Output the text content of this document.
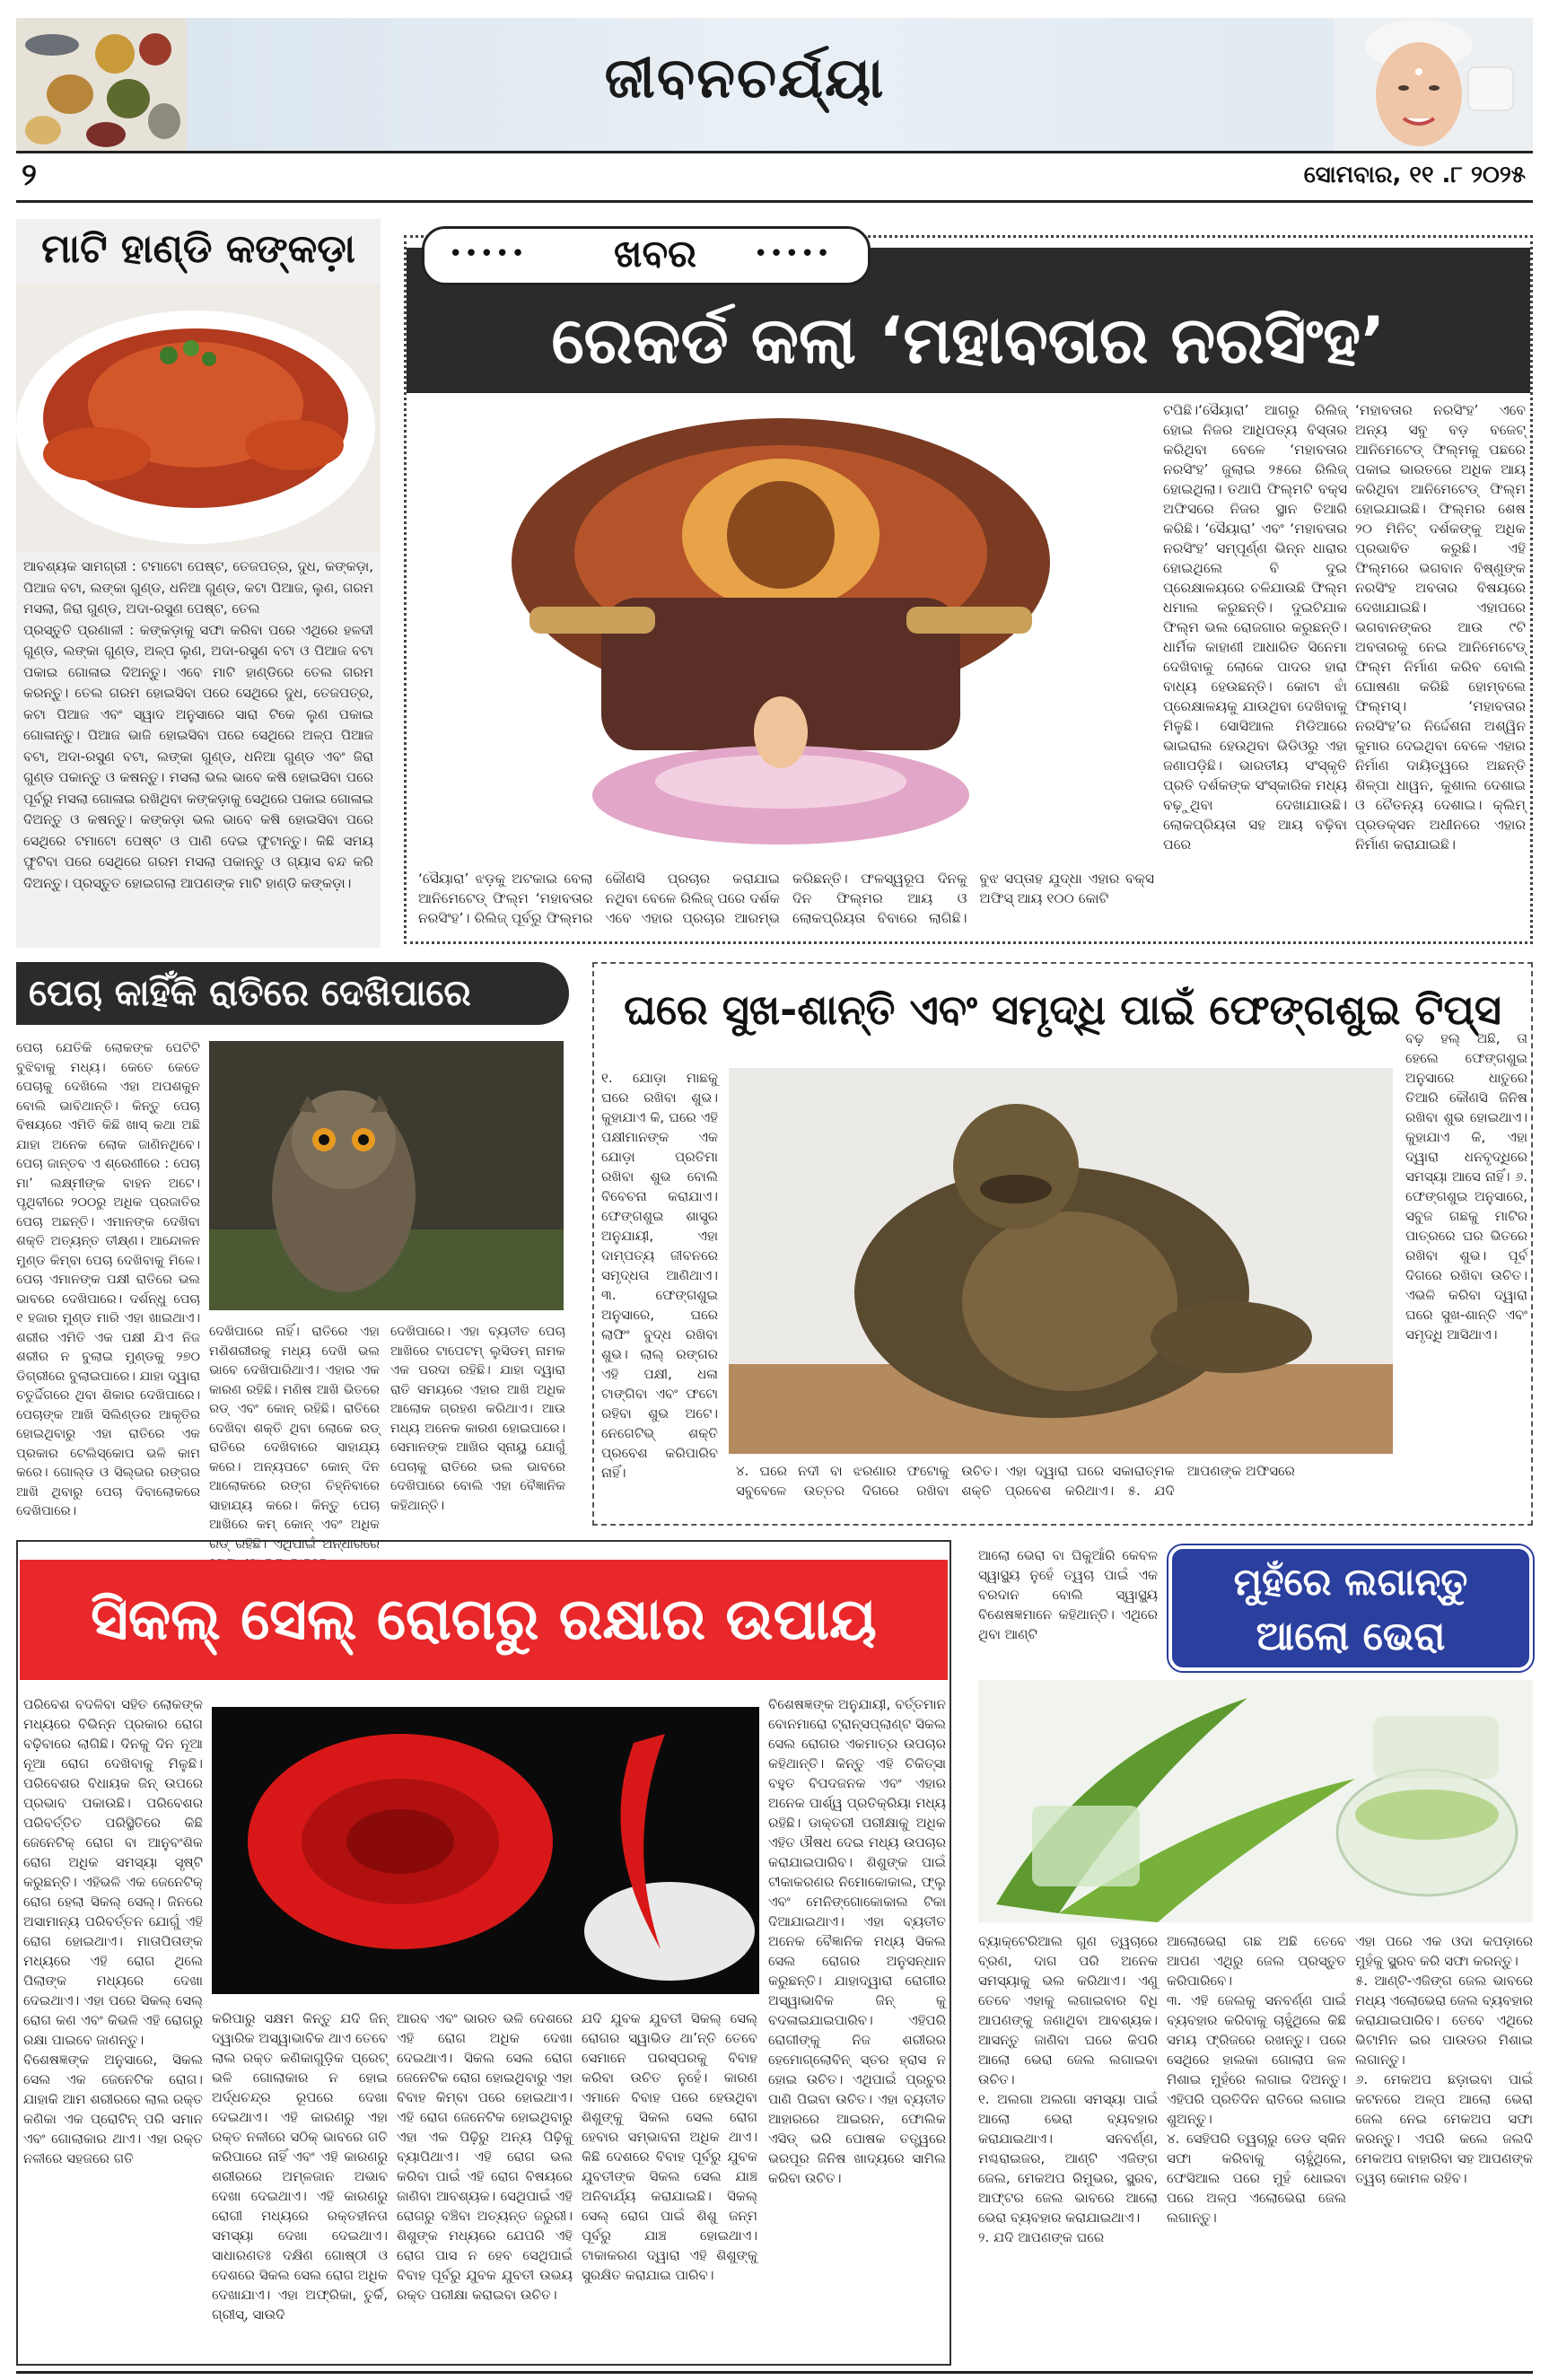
ଜୀବନଚର୍ଯ୍ୟା
୨	ସୋମବାର, ୧୧ .୮ ୨୦୨୫
ମାଟି ହାଣ୍ଡି କଙ୍କଡ଼ା
ଆବଶ୍ୟକ ସାମଗ୍ରୀ : ଟମାଟୋ ପେଷ୍ଟ, ତେଜପତ୍ର, ଦୁଧ, କଙ୍କଡ଼ା, ପିଆଜ ବଟା, ଲଙ୍କା ଗୁଣ୍ଡ, ଧନିଆ ଗୁଣ୍ଡ, କଟା ପିଆଜ, ଲୁଣ, ଗରମ ମସଲା, ଜିରା ଗୁଣ୍ଡ, ଅଦା-ରସୁଣ ପେଷ୍ଟ, ତେଲ
ପ୍ରସ୍ତୁତି ପ୍ରଣାଳୀ : କଙ୍କଡ଼ାକୁ ସଫା କରିବା ପରେ ଏଥିରେ ହଳଦୀ ଗୁଣ୍ଡ, ଲଙ୍କା ଗୁଣ୍ଡ, ଅଳ୍ପ ଲୁଣ, ଅଦା-ରସୁଣ ବଟା ଓ ପିଆଜ ବଟା ପକାଇ ଗୋଳାଇ ଦିଅନ୍ତୁ। ଏବେ ମାଟି ହାଣ୍ଡିରେ ତେଲ ଗରମ କରନ୍ତୁ। ତେଲ ଗରମ ହୋଇସିବା ପରେ ସେଥିରେ ଦୁଧ, ତେଜପତ୍ର, କଟା ପିଆଜ ଏବଂ ସ୍ୱାଦ ଅନୁସାରେ ସାରା ଟିକେ ଲୁଣ ପକାଇ ଗୋଳାନ୍ତୁ। ପିଆଜ ଭାଜି ହୋଇସିବା ପରେ ସେଥିରେ ଅଳ୍ପ ପିଆଜ ବଟା, ଅଦା-ରସୁଣ ବଟା, ଲଙ୍କା ଗୁଣ୍ଡ, ଧନିଆ ଗୁଣ୍ଡ ଏବଂ ଜିରା ଗୁଣ୍ଡ ପକାନ୍ତୁ ଓ କଷନ୍ତୁ। ମସଲା ଭଲ ଭାବେ କଷି ହୋଇସିବା ପରେ ପୂର୍ବରୁ ମସଲା ଗୋଳାଇ ରଖିଥିବା କଙ୍କଡ଼ାକୁ ସେଥିରେ ପକାଇ ଗୋଳାଇ ଦିଅନ୍ତୁ ଓ କଷନ୍ତୁ। କଙ୍କଡ଼ା ଭଲ ଭାବେ କଷି ହୋଇସିବା ପରେ ସେଥିରେ ଟମାଟୋ ପେଷ୍ଟ ଓ ପାଣି ଦେଇ ଫୁଟାନ୍ତୁ। କିଛି ସମୟ ଫୁଟିବା ପରେ ସେଥିରେ ଗରମ ମସଲା ପକାନ୍ତୁ ଓ ଗ୍ୟାସ ବନ୍ଦ କରି ଦିଅନ୍ତୁ। ପ୍ରସ୍ତୁତ ହୋଇଗଲା ଆପଣଙ୍କ ମାଟି ହାଣ୍ଡି କଙ୍କଡ଼ା।
•••••	ଖବର	•••••
ରେକର୍ଡ କଲା ‘ମହାବତାର ନରସିଂହ’
ଟପିଛି।‘ସୈୟାରା’ ଆଗରୁ ରିଲିଜ୍ ହୋଇ ନିଜର ଆଧିପତ୍ୟ ବିସ୍ତାର କରିଥିବା ବେଳେ ‘ମହାବତାର ନରସିଂହ’ ଜୁଲାଇ ୨୫ରେ ରିଲିଜ୍ ହୋଇଥିଲା। ତଥାପି ଫିଲ୍ମଟି ବକ୍ସ ଅଫିସରେ ନିଜର ସ୍ଥାନ ତିଆରି କରିଛି। ‘ସୈୟାରା’ ଏବଂ ‘ମହାବତାର ନରସିଂହ’ ସମ୍ପୂର୍ଣ୍ଣ ଭିନ୍ନ ଧାରାର ହୋଇଥିଲେ ବି ଦୁଇ ପ୍ରେକ୍ଷାଳୟରେ ଚଳିଯାଉଛି ଫିଲ୍ମ ଧମାଲ କରୁଛନ୍ତି। ଦୁଇଟିଯାକ ଫିଲ୍ମ ଭଲ ରୋଜଗାର କରୁଛନ୍ତି। ଧାର୍ମିକ କାହାଣୀ ଆଧାରିତ ସିନେମା ଦେଖିବାକୁ ଲୋକେ ପାଦର ହାରା ବାଧ୍ୟ ହେଉଛନ୍ତି। କୋଟା ଝାଁ ପ୍ରେକ୍ଷାଳୟକୁ ଯାଉଥିବା ଦେଖିବାକୁ ମିଳୁଛି। ସୋସିଆଲ ମିଡିଆରେ ଭାଇରାଲ ହେଉଥିବା ଭିଡିଓରୁ ଏହା ଜଣାପଡ଼ିଛି। ଭାରତୀୟ ସଂସ୍କୃତି ପ୍ରତି ଦର୍ଶକଙ୍କ ସଂସ୍କାରିକ ମଧ୍ୟ ବଢ଼ୁଥିବା ଦେଖାଯାଉଛି। ଲୋକପ୍ରିୟତା ସହ ଆୟ ବଢ଼ିବା ପରେ
‘ମହାବତାର ନରସିଂହ’ ଏବେ ଅନ୍ୟ ସବୁ ବଡ଼ ବଜେଟ୍ ଆନିମେଟେଡ୍ ଫିଲ୍ମକୁ ପଛରେ ପକାଇ ଭାରତରେ ଅଧିକ ଆୟ କରିଥିବା ଆନିମେଟେଡ୍ ଫିଲ୍ମ ହୋଇଯାଇଛି। ଫିଲ୍ମର ଶେଷ ୨୦ ମିନିଟ୍ ଦର୍ଶକଙ୍କୁ ଅଧିକ ପ୍ରଭାବିତ କରୁଛି। ଏହି ଫିଲ୍ମରେ ଭଗବାନ ବିଷ୍ଣୁଙ୍କ ନରସିଂହ ଅବତାର ବିଷୟରେ ଦେଖାଯାଇଛି। ଏହାପରେ ଭଗବାନଙ୍କର ଆଉ ୯ଟି ଅବତାରକୁ ନେଇ ଆନିମେଟେଡ୍ ଫିଲ୍ମ ନିର୍ମାଣ କରିବ ବୋଲି ଘୋଷଣା କରିଛି ହୋମ୍ବଲେ ଫିଲ୍ମସ୍। ‘ମହାବତାର ନରସିଂହ’ର ନିର୍ଦ୍ଦେଶନା ଅଶ୍ୱିନ କୁମାର ଦେଇଥିବା ବେଳେ ଏହାର ନିର୍ମାଣ ଦାୟିତ୍ୱରେ ଅଛନ୍ତି ଶିଳ୍ପା ଧାୱନ, କୁଶାଲ ଦେଶାଇ ଓ ଚୈତନ୍ୟ ଦେଶାଇ। କ୍ଲିମ୍ ପ୍ରଡକ୍ସନ ଅଧୀନରେ ଏହାର ନିର୍ମାଣ କରାଯାଇଛି।
‘ସୈୟାରା’ ଝଡ଼କୁ ଅଟକାଇ ବେଲା ଆନିମେଟେଡ୍ ଫିଲ୍ମ ‘ମହାବତାର ନରସିଂହ’। ରିଲିଜ୍ ପୂର୍ବରୁ ଫିଲ୍ମର କୌଣସି ପ୍ରଚାର କରାଯାଇ ନଥିବା ବେଳେ ରିଲିଜ୍ ପରେ ଦର୍ଶକ ଏବେ ଏହାର ପ୍ରଚାର ଆରମ୍ଭ କରିଛନ୍ତି। ଫଳସ୍ୱରୂପ ଦିନକୁ ଦିନ ଫିଲ୍ମର ଆୟ ଓ ଲୋକପ୍ରିୟତା ବିବାରେ ଲାଗିଛି। ବୁଝ ସପ୍ତାହ ଯୁଦ୍ଧା ଏହାର ବକ୍ସ ଅଫିସ୍ ଆୟ ୧୦୦ କୋଟି
ପେଚା କାହିଁକି ରାତିରେ ଦେଖିପାରେ
ପେଚା ଯେତିକି ଲୋକଙ୍କ ପେଟିଟି ବୁଝିବାକୁ ମଧ୍ୟ। କେତେ କେତେ ପେଚାକୁ ଦେଖିଲେ ଏହା ଅପଶକୁନ ବୋଲି ଭାବିଥାନ୍ତି। କିନ୍ତୁ ପେଚା ବିଷୟରେ ଏମିତି କିଛି ଖାସ୍ କଥା ଅଛି ଯାହା ଅନେକ ଲୋକ ଜାଣିନଥିବେ। ପେଚା ଜାନ୍ତବ ଏ ଶ୍ରେଣୀରେ : ପେଚା ମା’ ଲକ୍ଷ୍ମୀଙ୍କ ବାହନ ଅଟେ। ପୃଥିବୀରେ ୨୦୦ରୁ ଅଧିକ ପ୍ରଜାତିର ପେଚା ଅଛନ୍ତି। ଏମାନଙ୍କ ଦେଖିବା ଶକ୍ତି ଅତ୍ୟନ୍ତ ତୀକ୍ଷ୍ଣ। ଆନ୍ଦୋଳନ ମୁଣ୍ଡ କିମ୍ବା ପେଚା ଦେଖିବାକୁ ମିଳେ। ପେଚା ଏମାନଙ୍କ ପକ୍ଷୀ ରାତିରେ ଭଲ ଭାବରେ ଦେଖିପାରେ। ଦର୍ଶନ୍ଧୁ ପେଚା ୧ ହଜାର ମୁଣ୍ଡ ମାରି ଏହା ଖାଇଥାଏ। ଶରୀର ଏମିତି ଏକ ପକ୍ଷୀ ଯିଏ ନିଜ ଶରୀର ନ ବୁଲାଇ ମୁଣ୍ଡକୁ ୨୭୦ ଡିଗ୍ରୀରେ ବୁଲାଇପାରେ। ଯାହା ଦ୍ୱାରା ଚତୁର୍ଦ୍ଦିଗରେ ଥିବା ଶିକାର ଦେଖିପାରେ। ପେଚାଙ୍କ ଆଖି ସିଲିଣ୍ଡର ଆକୃତିର ହୋଇଥିବାରୁ ଏହା ରାତିରେ ଏକ ପ୍ରକାର ଟେଲିସ୍କୋପ ଭଳି କାମ କରେ। ଗୋଲ୍ଡ ଓ ସିଲ୍ଭର ରଙ୍ଗର ଆଖି ଥିବାରୁ ପେଚା ଦିବାଲୋକରେ ଦେଖିପାରେ।
ଦେଖିପାରେ ନାହିଁ। ରାତିରେ ଏହା ମଶିଶରୀରକୁ ମଧ୍ୟ ଦେଖି ଭଲ ଭାବେ ଦେଖିପାରିଥାଏ। ଏହାର ଏକ କାରଣ ରହିଛି। ମଣିଷ ଆଖି ଭିତରେ ରଡ୍ ଏବଂ କୋନ୍ ରହିଛି। ରାତିରେ ଦେଖିବା ଶକ୍ତି ଥିବା ଲୋକେ ରଡ୍ ରାତିରେ ଦେଖିବାରେ ସାହାଯ୍ୟ କରେ। ଅନ୍ୟପଟେ କୋନ୍ ଦିନ ଆଲୋକରେ ରଙ୍ଗ ଚିହ୍ନିବାରେ ସାହାଯ୍ୟ କରେ। କିନ୍ତୁ ପେଚା ଆଖିରେ କମ୍ କୋନ୍ ଏବଂ ଅଧିକ ରଡ୍ ରହିଛି। ଏଥିପାଇଁ ଅନ୍ଧାରରେ
ଦେଖିପାରେ। ଏହା ବ୍ୟତୀତ ପେଚା ଆଖିରେ ଟାପେଟମ୍ ଲୁସିଡମ୍ ନାମକ ଏକ ପରଦା ରହିଛି। ଯାହା ଦ୍ୱାରା ରାତି ସମୟରେ ଏହାର ଆଖି ଅଧିକ ଆଲୋକ ଗ୍ରହଣ କରିଥାଏ। ଆଉ ମଧ୍ୟ ଅନେକ କାରଣ ହୋଇପାରେ। ସେମାନଙ୍କ ଆଖିର ସ୍ନାୟୁ ଯୋଗୁଁ ପେଚାକୁ ରାତିରେ ଭଲ ଭାବରେ ଦେଖିପାରେ ବୋଲି ଏହା ବୈଜ୍ଞାନିକ କହିଥାନ୍ତି।
ଘରେ ସୁଖ-ଶାନ୍ତି ଏବଂ ସମୃଦ୍ଧି ପାଇଁ ଫେଙ୍ଗଶୁଇ ଟିପ୍ସ
୧. ଯୋଡ଼ା ମାଛକୁ ଘରେ ରଖିବା ଶୁଭ। କୁହାଯାଏ କି, ଘରେ ଏହି ପକ୍ଷୀମାନଙ୍କ ଏକ ଯୋଡ଼ା ପ୍ରତିମା ରଖିବା ଶୁଭ ବୋଲି ବିବେଚନା କରାଯାଏ। ଫେଙ୍ଗଶୁଇ ଶାସ୍ତ୍ର ଅନୁଯାୟୀ, ଏହା ଦାମ୍ପତ୍ୟ ଜୀବନରେ ସମୃଦ୍ଧତା ଆଣିଥାଏ। ୩. ଫେଙ୍ଗଶୁଇ ଅନୁସାରେ, ଘରେ ଲାଫିଂ ବୁଦ୍ଧ ରଖିବା ଶୁଭ। ଲାଲ୍ ରଙ୍ଗର ଏହି ପକ୍ଷୀ, ଧଳା ଟାଙ୍ଗିବା ଏବଂ ଫଟୋ ରହିବା ଶୁଭ ଅଟେ। ନେଗେଟିଭ୍ ଶକ୍ତି ପ୍ରବେଶ କରିପାରିବ ନାହିଁ।	୪. ଘରେ ନଦୀ ବା ଝରଣାର ଫଟୋକୁ ସବୁବେଳେ ଉତ୍ତର ଦିଗରେ ରଖିବା ଉଚିତ। ଏହା ଦ୍ୱାରା ଘରେ ସକାରାତ୍ମକ ଶକ୍ତି ପ୍ରବେଶ କରିଥାଏ। ୫. ଯଦି ଆପଣଙ୍କ ଅଫିସରେ
ବଢ଼ ହଲ୍ ଅଛି, ତା ହେଲେ ଫେଙ୍ଗଶୁଇ ଅନୁସାରେ ଧାତୁରେ ତିଆରି କୌଣସି ଜିନିଷ ରଖିବା ଶୁଭ ହୋଇଥାଏ। କୁହାଯାଏ କି, ଏହା ଦ୍ୱାରା ଧନବୃଦ୍ଧିରେ ସମସ୍ୟା ଆସେ ନାହିଁ। ୬. ଫେଙ୍ଗଶୁଇ ଅନୁସାରେ, ସବୁଜ ଗଛକୁ ମାଟିର ପାତ୍ରରେ ଘର ଭିତରେ ରଖିବା ଶୁଭ। ପୂର୍ବ ଦିଗରେ ରଖିବା ଉଚିତ। ଏଭଳି କରିବା ଦ୍ୱାରା ଘରେ ସୁଖ-ଶାନ୍ତି ଏବଂ ସମୃଦ୍ଧି ଆସିଥାଏ।
ସିକଲ୍ ସେଲ୍ ରୋଗରୁ ରକ୍ଷାର ଉପାୟ
ପରିବେଶ ବଦଳିବା ସହିତ ଲୋକଙ୍କ ମଧ୍ୟରେ ବିଭିନ୍ନ ପ୍ରକାର ରୋଗ ବଢ଼ିବାରେ ଲାଗିଛି। ଦିନକୁ ଦିନ ନୂଆ ନୂଆ ରୋଗ ଦେଖିବାକୁ ମିଳୁଛି। ପରିବେଶର ବିଧାୟକ ଜିନ୍ ଉପରେ ପ୍ରଭାବ ପକାଉଛି। ପରିବେଶର ପରିବର୍ତ୍ତିତ ପରିସ୍ଥିତିରେ କିଛି ଜେନେଟିକ୍ ରୋଗ ବା ଆନୁବଂଶିକ ରୋଗ ଅଧିକ ସମସ୍ୟା ସୃଷ୍ଟି କରୁଛନ୍ତି। ଏହିଭଳି ଏକ ଜେନେଟିକ୍ ରୋଗ ହେଲା ସିକଲ୍ ସେଲ୍। ଜିନରେ ଅସାମାନ୍ୟ ପରିବର୍ତ୍ତନ ଯୋଗୁଁ ଏହି ରୋଗ ହୋଇଥାଏ। ମାତାପିତାଙ୍କ ମଧ୍ୟରେ ଏହି ରୋଗ ଥିଲେ ପିଲାଙ୍କ ମଧ୍ୟରେ ଦେଖା ଦେଇଥାଏ। ଏହା ପରେ ସିକଲ୍ ସେଲ୍ ରୋଗ କଣ ଏବଂ କିଭଳି ଏହି ରୋଗରୁ ରକ୍ଷା ପାଇବେ ଜାଣନ୍ତୁ।
ବିଶେଷଜ୍ଞଙ୍କ ଅନୁସାରେ, ସିକଲ ସେଲ ଏକ ଜେନେଟିକ ରୋଗ। ଯାହାକି ଆମ ଶରୀରରେ ଲାଲ ରକ୍ତ କଣିକା ଏକ ପ୍ରୋଟିନ୍ ପରି ସମାନ ଏବଂ ଗୋଲାକାର ଥାଏ। ଏହା ରକ୍ତ ନଳୀରେ ସହଜରେ ଗତି
କରିପାରୁ ସକ୍ଷମ କିନ୍ତୁ ଯଦି ଜିନ୍ ଦ୍ୱାରିକ ଅସ୍ୱାଭାବିକ ଥାଏ ତେବେ ଲାଲ ରକ୍ତ କଣିକାଗୁଡ଼ିକ ପ୍ରେଟ୍ ଭଳି ଗୋଲାକାର ନ ହୋଇ ଅର୍ଦ୍ଧଚନ୍ଦ୍ର ରୂପରେ ଦେଖା ଦେଇଥାଏ। ଏହି କାରଣରୁ ଏହା ରକ୍ତ ନଳୀରେ ସଠିକ୍ ଭାବରେ ଗତି କରିପାରେ ନାହିଁ ଏବଂ ଏହି କାରଣରୁ ଶରୀରରେ ଅମ୍ଳଜାନ ଅଭାବ ଦେଖା ଦେଇଥାଏ। ଏହି କାରଣରୁ ରୋଗୀ ମଧ୍ୟରେ ରକ୍ତହୀନତା ସମସ୍ୟା ଦେଖା ଦେଇଥାଏ। ସାଧାରଣତଃ ଦକ୍ଷିଣ ଗୋଷ୍ଠୀ ଓ ଦେଶରେ ସିକଲ ସେଲ ରୋଗ ଅଧିକ ଦେଖାଯାଏ। ଏହା ଅଫ୍ରିକା, ତୁର୍କି, ଗ୍ରୀସ୍, ସାଉଦି
ଆରବ ଏବଂ ଭାରତ ଭଳି ଦେଶରେ ଏହି ରୋଗ ଅଧିକ ଦେଖା ଦେଇଥାଏ। ସିକଲ ସେଲ ରୋଗ ଜେନେଟିକ ରୋଗ ହୋଇଥିବାରୁ ଏହା ବିବାହ କିମ୍ବା ପରେ ହୋଇଥାଏ। ଏହି ରୋଗ ଜେନେଟିକ ହୋଇଥିବାରୁ ଏହା ଏକ ପିଢ଼ିରୁ ଅନ୍ୟ ପିଢ଼ିକୁ ବ୍ୟାପିଥାଏ। ଏହି ରୋଗ ଭଲ କରିବା ପାଇଁ ଏହି ରୋଗ ବିଷୟରେ ଜାଣିବା ଆବଶ୍ୟକ। ସେଥିପାଇଁ ଏହି ରୋଗରୁ ବଞ୍ଚିବା ଅତ୍ୟନ୍ତ ଜରୁରୀ। ଶିଶୁଙ୍କ ମଧ୍ୟରେ ଯେପରି ଏହି ରୋଗ ପାସ ନ ହେବ ସେଥିପାଇଁ ବିବାହ ପୂର୍ବରୁ ଯୁବକ ଯୁବତୀ ଉଭୟ ରକ୍ତ ପରୀକ୍ଷା କରାଇବା ଉଚିତ।
ଯଦି ଯୁବକ ଯୁବତୀ ସିକଲ୍ ସେଲ୍ ରୋଗର ସ୍ୱାଭିଡ ଥା’ନ୍ତି ତେବେ ସେମାନେ ପରସ୍ପରକୁ ବିବାହ କରିବା ଉଚିତ ନୁହେଁ। କାରଣ ଏମାନେ ବିବାହ ପରେ ହେଉଥିବା ଶିଶୁଙ୍କୁ ସିକଲ ସେଲ ରୋଗ ହେବାର ସମ୍ଭାବନା ଅଧିକ ଥାଏ। କିଛି ଦେଶରେ ବିବାହ ପୂର୍ବରୁ ଯୁବକ ଯୁବତୀଙ୍କ ସିକଲ ସେଲ ଯାଞ୍ଚ ଅନିବାର୍ଯ୍ୟ କରାଯାଇଛି। ସିକଲ୍ ସେଲ୍ ରୋଗ ପାଇଁ ଶିଶୁ ଜନ୍ମ ପୂର୍ବରୁ ଯାଞ୍ଚ ହୋଇଥାଏ। ଟାକାକରଣ ଦ୍ୱାରା ଏହି ଶିଶୁଙ୍କୁ ସୁରକ୍ଷିତ କରାଯାଇ ପାରିବ।
ବିଶେଷଜ୍ଞଙ୍କ ଅନୁଯାୟୀ, ବର୍ତ୍ତମାନ ବୋନମାରୋ ଟ୍ରାନ୍ସପ୍ଲାଣ୍ଟ ସିକଲ ସେଲ ରୋଗର ଏକମାତ୍ର ଉପଚାର କହିଥାନ୍ତି। କିନ୍ତୁ ଏହି ଚିକିତ୍ସା ବହୁତ ବିପଦଜନକ ଏବଂ ଏହାର ଅନେକ ପାର୍ଶ୍ୱ ପ୍ରତିକ୍ରିୟା ମଧ୍ୟ ରହିଛି। ଡାକ୍ତରୀ ପରୀକ୍ଷାକୁ ଅଧିକ ଏହିତ ଔଷଧ ଦେଇ ମଧ୍ୟ ଉପଚାର କରାଯାଇପାରିବ। ଶିଶୁଙ୍କ ପାଇଁ ଟୀକାକରଣର ନିମୋକୋକାଲ, ଫ୍ଲୁ ଏବଂ ମେନିଙ୍ଗୋକୋକାଲ ଟିକା ଦିଆଯାଇଥାଏ। ଏହା ବ୍ୟତୀତ ଅନେକ ବୈଜ୍ଞାନିକ ମଧ୍ୟ ସିକଲ ସେଲ ରୋଗର ଅନୁସନ୍ଧାନ କରୁଛନ୍ତି। ଯାହାଦ୍ୱାରା ରୋଗୀର ଅସ୍ୱାଭାବିକ ଜିନ୍ କୁ ବଦଳାଇଯାଇପାରିବ। ଏହିପରି ରୋଗୀଙ୍କୁ ନିଜ ଶରୀରର ହେମୋଗ୍ଲୋବିନ୍ ସ୍ତର ହ୍ରାସ ନ ହୋଇ ଉଚିତ। ଏଥିପାଇଁ ପ୍ରଚୁର ପାଣି ପିଇବା ଉଚିତ। ଏହା ବ୍ୟତୀତ ଆହାରରେ ଆଇରନ, ଫୋଲିକ ଏସିଡ୍ ଭରି ପୋଷକ ତତ୍ତ୍ୱରେ ଭରପୂର ଜିନିଷ ଖାଦ୍ୟରେ ସାମିଲ କରିବା ଉଚିତ।
ଆଲୋ ଭେରା ବା ଘିକୁଆଁରି କେବଳ ସ୍ୱାସ୍ଥ୍ୟ ନୁହେଁ ତ୍ୱଚା ପାଇଁ ଏକ ବରଦାନ ବୋଲି ସ୍ୱାସ୍ଥ୍ୟ ବିଶେଷଜ୍ଞମାନେ କହିଥାନ୍ତି। ଏଥିରେ ଥିବା ଆଣ୍ଟି
ମୁହଁରେ ଲଗାନ୍ତୁ
ଆଲୋ ଭେରା
ବ୍ୟାକ୍ଟେରିଆଲ ଗୁଣ ତ୍ୱଚାରେ ବ୍ରଣ, ଦାଗ ପରି ଅନେକ ସମସ୍ୟାକୁ ଭଲ କରିଥାଏ। ଏଣୁ ତେବେ ଏହାକୁ ଲଗାଇବାର ବିଧି ଆପଣଙ୍କୁ ଜଣାଥିବା ଆବଶ୍ୟକ। ଆସନ୍ତୁ ଜାଣିବା ଘରେ କିପରି ଆଲୋ ଭେରା ଜେଲ ଲଗାଇବା ଉଚିତ।
୧. ଅଲଗା ଅଲଗା ସମସ୍ୟା ପାଇଁ ଆଲୋ ଭେରା ବ୍ୟବହାର କରାଯାଇଥାଏ। ସନବର୍ଣ୍ଣ, ମଶ୍ଚରାଇଜର, ଆଣ୍ଟି ଏଜିଙ୍ଗ ଜେଲ, ମେକଅପ ରିମୁଭର, ସ୍କ୍ରବ, ଆଫ୍ଟର ଜେଲ ଭାବରେ ଆଲୋ ଭେରା ବ୍ୟବହାର କରାଯାଇଥାଏ।
୨. ଯଦି ଆପଣଙ୍କ ଘରେ
ଆଲୋଭେରା ଗଛ ଅଛି ତେବେ ଆପଣ ଏଥିରୁ ଜେଲ ପ୍ରସ୍ତୁତ କରିପାରିବେ।
୩. ଏହି ଜେଲକୁ ସନବର୍ଣ୍ଣ ପାଇଁ ବ୍ୟବହାର କରିବାକୁ ଚାହୁଁଥିଲେ କିଛି ସମୟ ଫ୍ରିଜରେ ରଖନ୍ତୁ। ପରେ ସେଥିରେ ହାଲକା ଗୋଲାପ ଜଳ ମିଶାଇ ମୁହଁରେ ଲଗାଇ ଦିଅନ୍ତୁ। ଏହିପରି ପ୍ରତିଦିନ ରାତିରେ ଲଗାଇ ଶୁଅନ୍ତୁ।
୪. ସେହିପରି ତ୍ୱଚାରୁ ଡେଡ ସ୍କିନ ସଫା କରିବାକୁ ଚାହୁଁଥିଲେ, ଫେସିଆଲ ପରେ ମୁହଁ ଧୋଇବା ପରେ ଅଳ୍ପ ଏଲୋଭେରା ଜେଲ ଲଗାନ୍ତୁ।
ଏହା ପରେ ଏକ ଓଦା କପଡ଼ାରେ ମୁହଁକୁ ସ୍କ୍ରବ କରି ସଫା କରନ୍ତୁ।
୫. ଆଣ୍ଟି-ଏଜିଙ୍ଗ ଜେଲ ଭାବରେ ମଧ୍ୟ ଏଲୋଭେରା ଜେଲ ବ୍ୟବହାର କରାଯାଇପାରିବ। ତେବେ ଏଥିରେ ଭିଟାମିନ ଇର ପାଉଡର ମିଶାଇ ଲଗାନ୍ତୁ।
୬. ମେକଅପ ଛଡ଼ାଇବା ପାଇଁ କଟନରେ ଅଳ୍ପ ଆଲୋ ଭେରା ଜେଲ ନେଇ ମେକଅପ ସଫା କରନ୍ତୁ। ଏପରି କଲେ ଜଲଦି ମେକଅପ ବାହାରିବା ସହ ଆପଣଙ୍କ ତ୍ୱଚା କୋମଳ ରହିବ।
